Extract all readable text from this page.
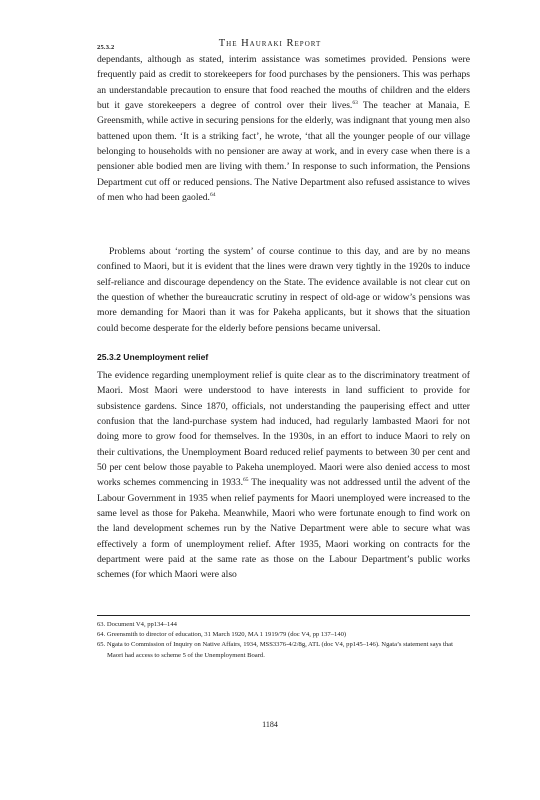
25.3.2	The Hauraki Report

dependants, although as stated, interim assistance was sometimes provided. Pensions were frequently paid as credit to storekeepers for food purchases by the pensioners. This was perhaps an understandable precaution to ensure that food reached the mouths of children and the elders but it gave storekeepers a degree of control over their lives.$^{63}$ The teacher at Manaia, E Greensmith, while active in securing pensions for the elderly, was indignant that young men also battened upon them. ‘It is a striking fact’, he wrote, ‘that all the younger people of our village belonging to households with no pensioner are away at work, and in every case when there is a pensioner able bodied men are living with them.’ In response to such information, the Pensions Department cut off or reduced pensions. The Native Department also refused assistance to wives of men who had been gaoled.$^{64}$

Problems about ‘rorting the system’ of course continue to this day, and are by no means confined to Maori, but it is evident that the lines were drawn very tightly in the 1920s to induce self-reliance and discourage dependency on the State. The evidence available is not clear cut on the question of whether the bureaucratic scrutiny in respect of old-age or widow’s pensions was more demanding for Maori than it was for Pakeha applicants, but it shows that the situation could become desperate for the elderly before pensions became universal.

25.3.2 Unemployment relief

The evidence regarding unemployment relief is quite clear as to the discriminatory treatment of Maori. Most Maori were understood to have interests in land sufficient to provide for subsistence gardens. Since 1870, officials, not understanding the pauperising effect and utter confusion that the land-purchase system had induced, had regularly lambasted Maori for not doing more to grow food for themselves. In the 1930s, in an effort to induce Maori to rely on their cultivations, the Unemployment Board reduced relief payments to between 30 per cent and 50 per cent below those payable to Pakeha unemployed. Maori were also denied access to most works schemes commencing in 1933.65 The inequality was not addressed until the advent of the Labour Government in 1935 when relief payments for Maori unemployed were increased to the same level as those for Pakeha. Meanwhile, Maori who were fortunate enough to find work on the land development schemes run by the Native Department were able to secure what was effectively a form of unemployment relief. After 1935, Maori working on contracts for the department were paid at the same rate as those on the Labour Department’s public works schemes (for which Maori were also

63. Document V4, pp134–144

64. Greensmith to director of education, 31 March 1920, MA 1 1919/79 (doc V4, pp 137–140)

65. Ngata to Commission of Inquiry on Native Affairs, 1934, MSS3376-4/2/8g, ATL (doc V4, pp145–146). Ngata’s statement says that Maori had access to scheme 5 of the Unemployment Board.

1184
